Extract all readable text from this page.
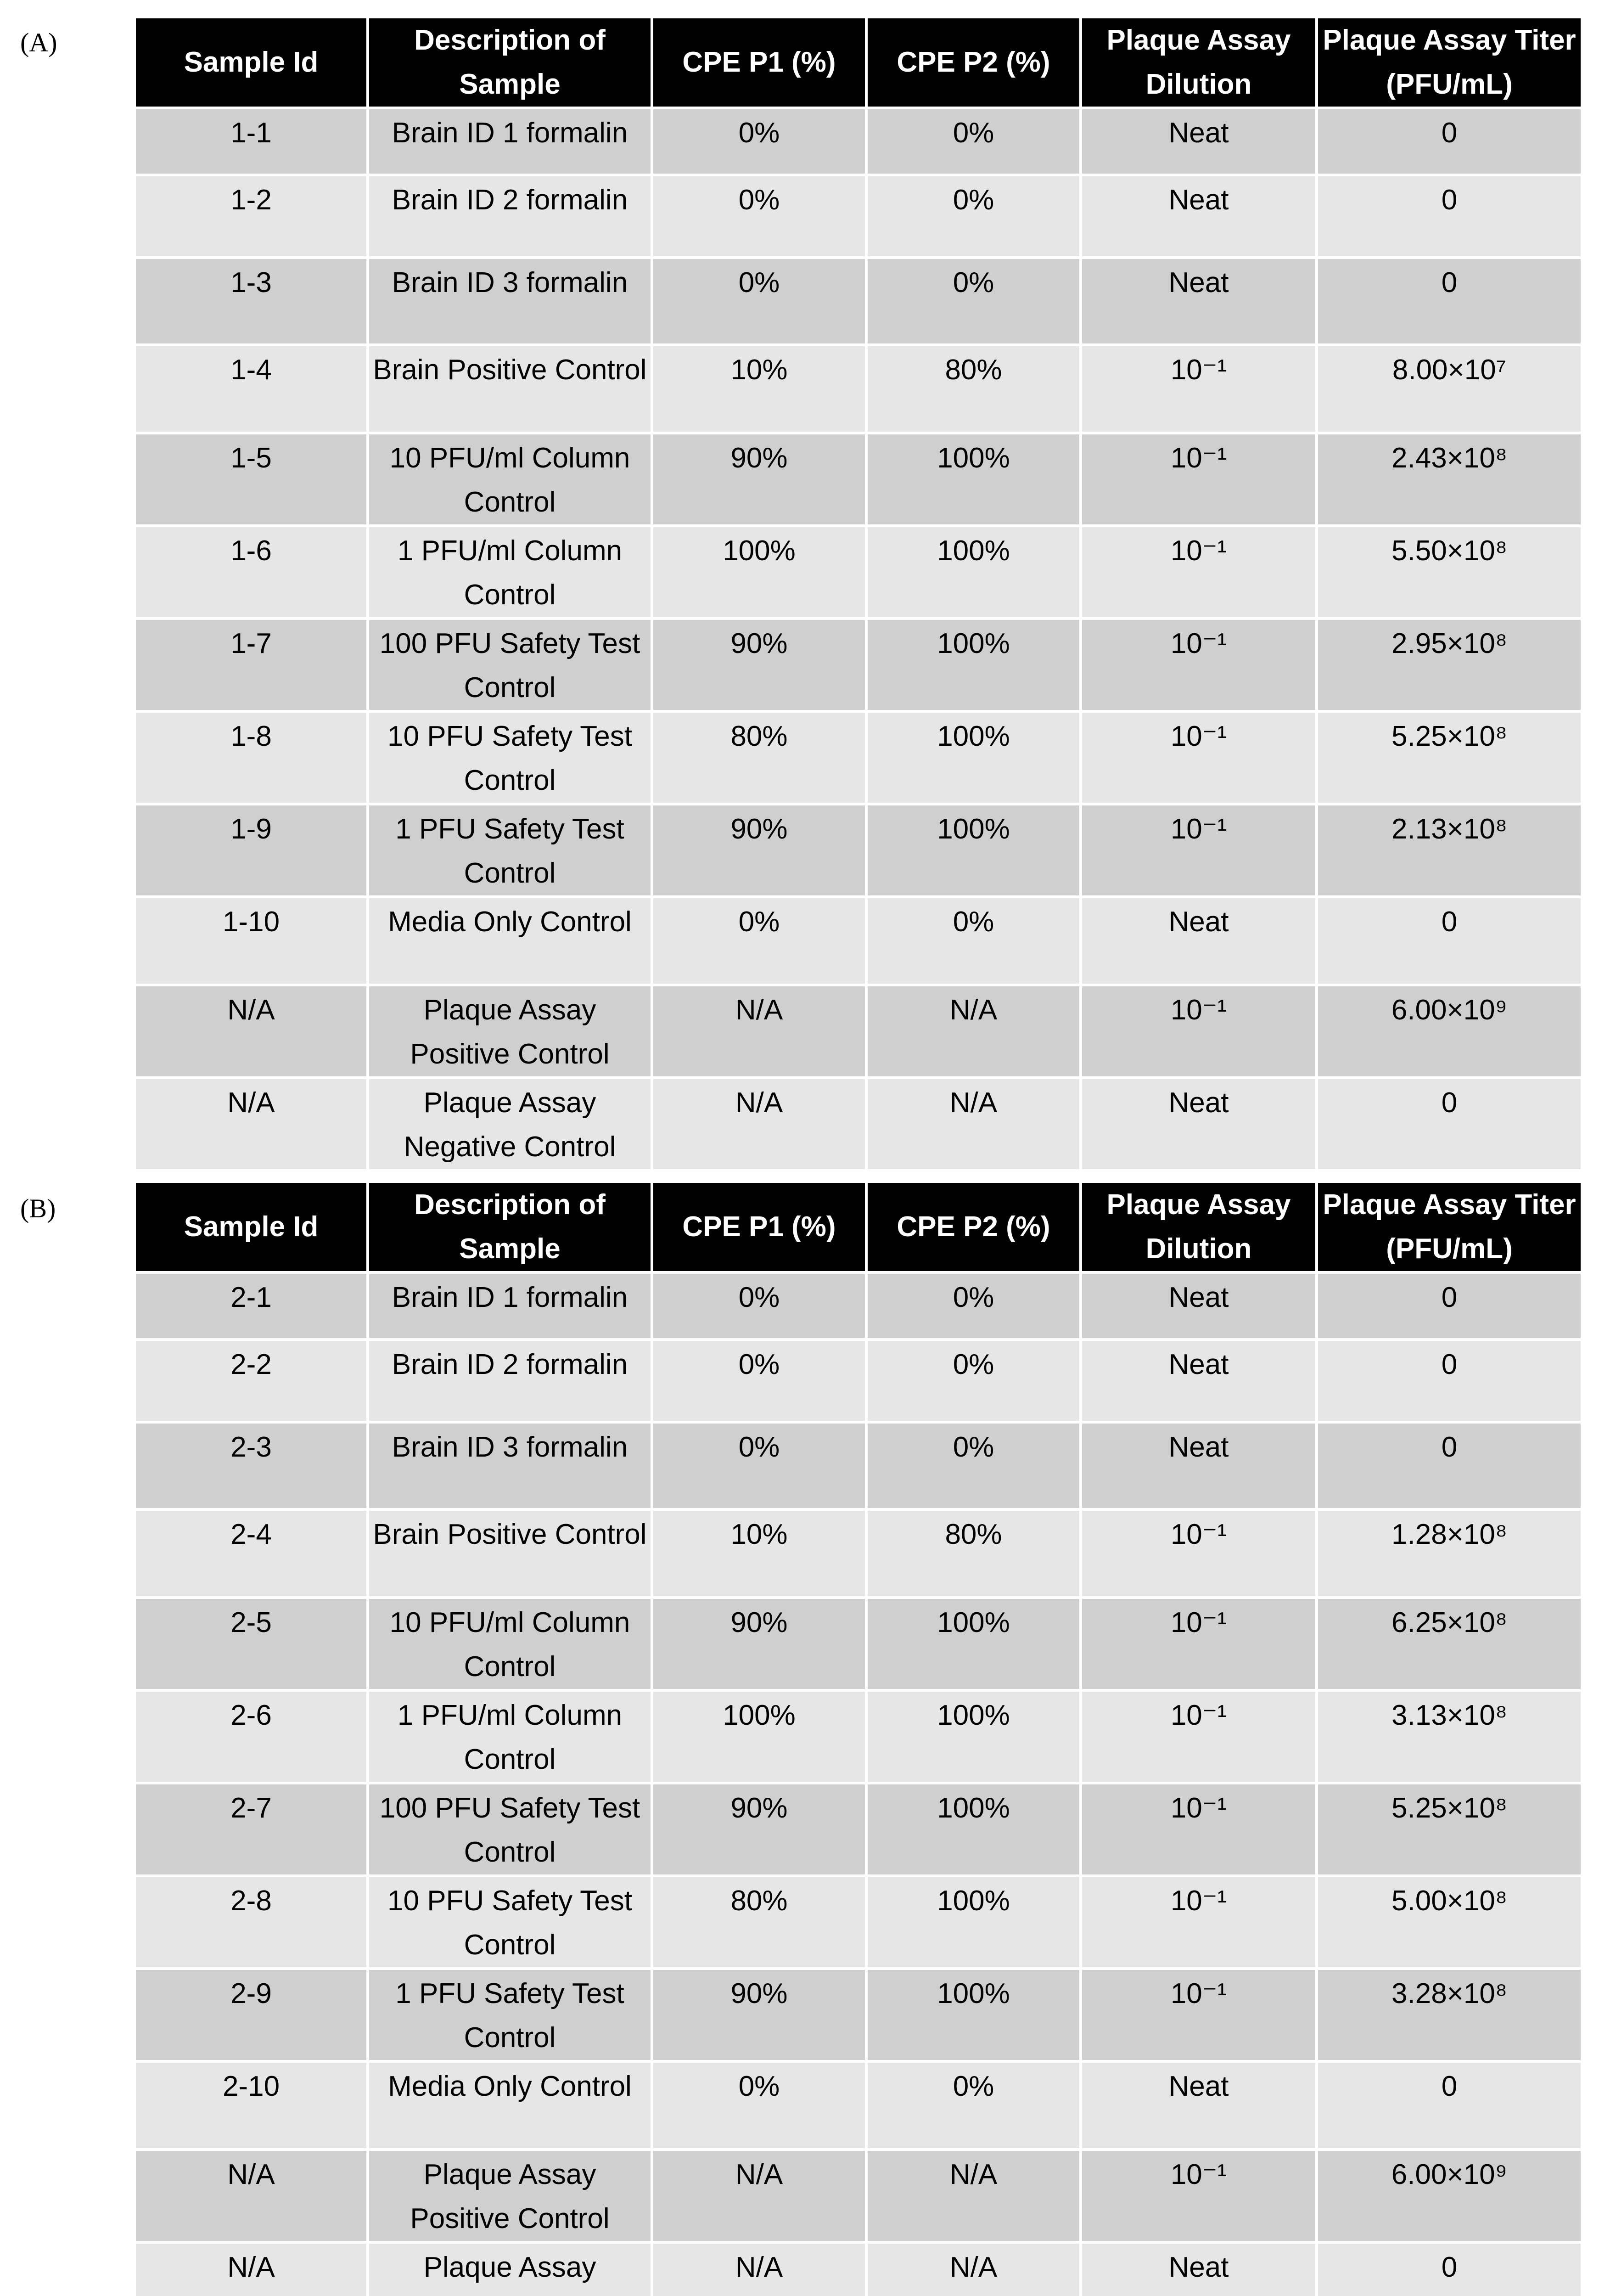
(A)
Sample Id	Description of Sample	CPE P1 (%)	CPE P2 (%)	Plaque Assay Dilution	Plaque Assay Titer (PFU/mL)
1-1	Brain ID 1 formalin	0%	0%	Neat	0
1-2	Brain ID 2 formalin	0%	0%	Neat	0
1-3	Brain ID 3 formalin	0%	0%	Neat	0
1-4	Brain Positive Control	10%	80%	10⁻¹	8.00×10⁷
1-5	10 PFU/ml Column Control	90%	100%	10⁻¹	2.43×10⁸
1-6	1 PFU/ml Column Control	100%	100%	10⁻¹	5.50×10⁸
1-7	100 PFU Safety Test Control	90%	100%	10⁻¹	2.95×10⁸
1-8	10 PFU Safety Test Control	80%	100%	10⁻¹	5.25×10⁸
1-9	1 PFU Safety Test Control	90%	100%	10⁻¹	2.13×10⁸
1-10	Media Only Control	0%	0%	Neat	0
N/A	Plaque Assay Positive Control	N/A	N/A	10⁻¹	6.00×10⁹
N/A	Plaque Assay Negative Control	N/A	N/A	Neat	0
(B)
Sample Id	Description of Sample	CPE P1 (%)	CPE P2 (%)	Plaque Assay Dilution	Plaque Assay Titer (PFU/mL)
2-1	Brain ID 1 formalin	0%	0%	Neat	0
2-2	Brain ID 2 formalin	0%	0%	Neat	0
2-3	Brain ID 3 formalin	0%	0%	Neat	0
2-4	Brain Positive Control	10%	80%	10⁻¹	1.28×10⁸
2-5	10 PFU/ml Column Control	90%	100%	10⁻¹	6.25×10⁸
2-6	1 PFU/ml Column Control	100%	100%	10⁻¹	3.13×10⁸
2-7	100 PFU Safety Test Control	90%	100%	10⁻¹	5.25×10⁸
2-8	10 PFU Safety Test Control	80%	100%	10⁻¹	5.00×10⁸
2-9	1 PFU Safety Test Control	90%	100%	10⁻¹	3.28×10⁸
2-10	Media Only Control	0%	0%	Neat	0
N/A	Plaque Assay Positive Control	N/A	N/A	10⁻¹	6.00×10⁹
N/A	Plaque Assay	N/A	N/A	Neat	0
